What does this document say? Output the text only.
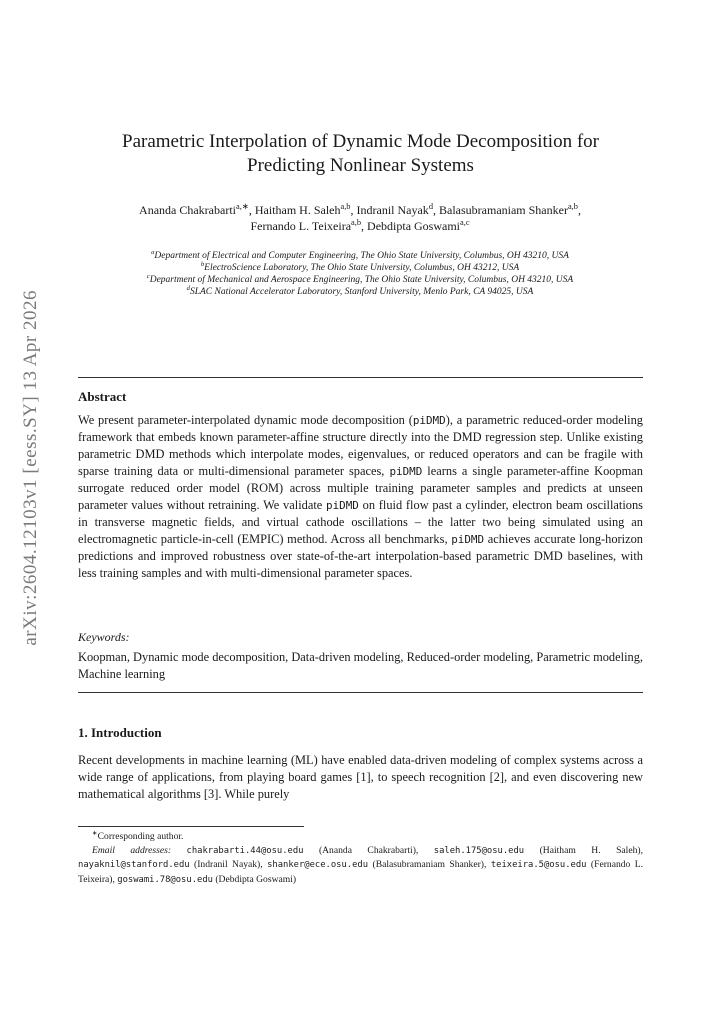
arXiv:2604.12103v1 [eess.SY] 13 Apr 2026
Parametric Interpolation of Dynamic Mode Decomposition for
Predicting Nonlinear Systems
Ananda Chakrabarti$^{a,∗}$, Haitham H. Saleh$^{a,b}$, Indranil Nayak$^d$, Balasubramaniam Shanker$^{a,b}$,
Fernando L. Teixeira$^{a,b}$, Debdipta Goswami$^{a,c}$
$^a$Department of Electrical and Computer Engineering, The Ohio State University, Columbus, OH 43210, USA
$^b$ElectroScience Laboratory, The Ohio State University, Columbus, OH 43212, USA
$^c$Department of Mechanical and Aerospace Engineering, The Ohio State University, Columbus, OH 43210, USA
$^d$SLAC National Accelerator Laboratory, Stanford University, Menlo Park, CA 94025, USA
Abstract
We present parameter-interpolated dynamic mode decomposition (piDMD), a parametric reduced-order modeling framework that embeds known parameter-affine structure directly into the DMD regression step. Unlike existing parametric DMD methods which interpolate modes, eigenvalues, or reduced operators and can be fragile with sparse training data or multi-dimensional parameter spaces, piDMD learns a single parameter-affine Koopman surrogate reduced order model (ROM) across multiple training parameter samples and predicts at unseen parameter values without retraining. We validate piDMD on fluid flow past a cylinder, electron beam oscillations in transverse magnetic fields, and virtual cathode oscillations – the latter two being simulated using an electromagnetic particle-in-cell (EMPIC) method. Across all benchmarks, piDMD achieves accurate long-horizon predictions and improved robustness over state-of-the-art interpolation-based parametric DMD baselines, with less training samples and with multi-dimensional parameter spaces.
Keywords:
Koopman, Dynamic mode decomposition, Data-driven modeling, Reduced-order modeling, Parametric modeling, Machine learning
1. Introduction
Recent developments in machine learning (ML) have enabled data-driven modeling of complex systems across a wide range of applications, from playing board games [1], to speech recognition [2], and even discovering new mathematical algorithms [3]. While purely
∗Corresponding author.
Email addresses: chakrabarti.44@osu.edu (Ananda Chakrabarti), saleh.175@osu.edu (Haitham H. Saleh), nayaknil@stanford.edu (Indranil Nayak), shanker@ece.osu.edu (Balasubramaniam Shanker), teixeira.5@osu.edu (Fernando L. Teixeira), goswami.78@osu.edu (Debdipta Goswami)
